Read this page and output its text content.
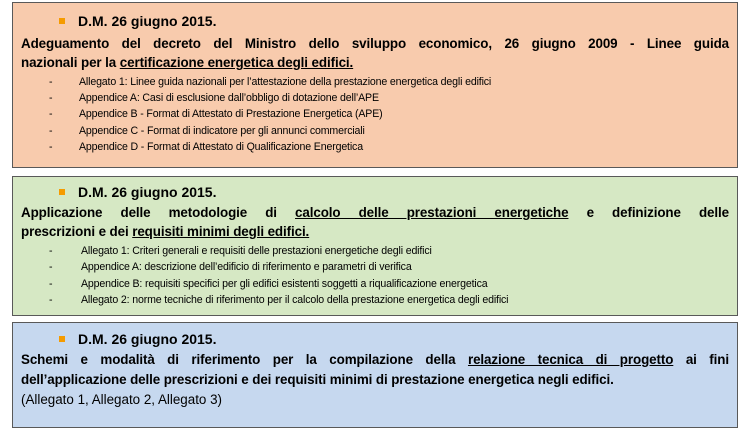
D.M. 26 giugno 2015.
Adeguamento del decreto del Ministro dello sviluppo economico, 26 giugno 2009 - Linee guida
nazionali per la certificazione energetica degli edifici.
-	Allegato 1: Linee guida nazionali per l’attestazione della prestazione energetica degli edifici
-	Appendice A: Casi di esclusione dall’obbligo di dotazione dell’APE
-	Appendice B - Format di Attestato di Prestazione Energetica (APE)
-	Appendice C - Format di indicatore per gli annunci commerciali
-	Appendice D - Format di Attestato di Qualificazione Energetica
D.M. 26 giugno 2015.
Applicazione delle metodologie di calcolo delle prestazioni energetiche e definizione delle
prescrizioni e dei requisiti minimi degli edifici.
-	Allegato 1: Criteri generali e requisiti delle prestazioni energetiche degli edifici
-	Appendice A: descrizione dell’edificio di riferimento e parametri di verifica
-	Appendice B: requisiti specifici per gli edifici esistenti soggetti a riqualificazione energetica
-	Allegato 2: norme tecniche di riferimento per il calcolo della prestazione energetica degli edifici
D.M. 26 giugno 2015.
Schemi e modalità di riferimento per la compilazione della relazione tecnica di progetto ai fini
dell’applicazione delle prescrizioni e dei requisiti minimi di prestazione energetica negli edifici.
(Allegato 1, Allegato 2, Allegato 3)
